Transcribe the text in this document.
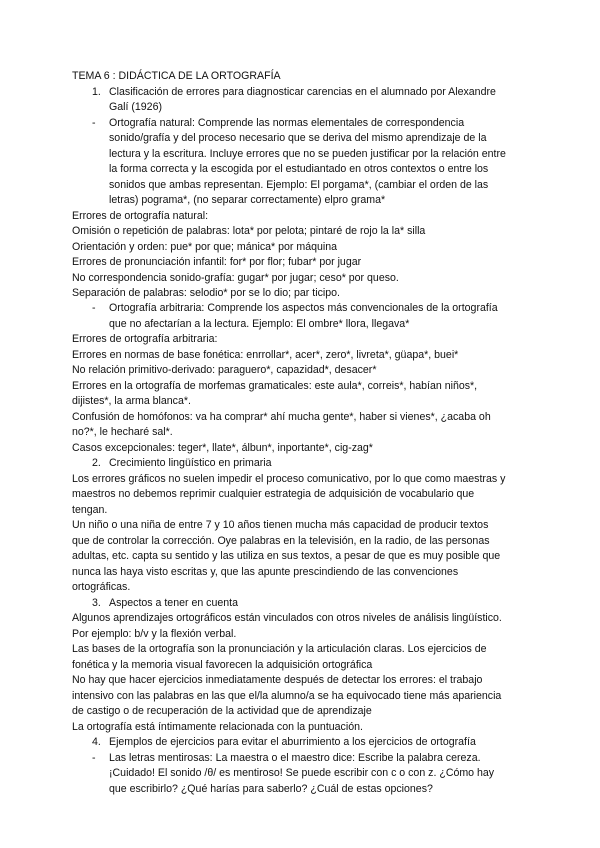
TEMA 6 : DIDÁCTICA DE LA ORTOGRAFÍA
1. Clasificación de errores para diagnosticar carencias en el alumnado por Alexandre
Galí (1926)
- Ortografía natural: Comprende las normas elementales de correspondencia
sonido/grafía y del proceso necesario que se deriva del mismo aprendizaje de la
lectura y la escritura. Incluye errores que no se pueden justificar por la relación entre
la forma correcta y la escogida por el estudiantado en otros contextos o entre los
sonidos que ambas representan. Ejemplo: El porgama*, (cambiar el orden de las
letras) pograma*, (no separar correctamente) elpro grama*
Errores de ortografía natural:
Omisión o repetición de palabras: lota* por pelota; pintaré de rojo la la* silla
Orientación y orden: pue* por que; mánica* por máquina
Errores de pronunciación infantil: for* por flor; fubar* por jugar
No correspondencia sonido-grafía: gugar* por jugar; ceso* por queso.
Separación de palabras: selodio* por se lo dio; par ticipo.
- Ortografía arbitraria: Comprende los aspectos más convencionales de la ortografía
que no afectarían a la lectura. Ejemplo: El ombre* llora, llegava*
Errores de ortografía arbitraria:
Errores en normas de base fonética: enrrollar*, acer*, zero*, livreta*, güapa*, buei*
No relación primitivo-derivado: paraguero*, capazidad*, desacer*
Errores en la ortografía de morfemas gramaticales: este aula*, correis*, habían niños*,
dijistes*, la arma blanca*.
Confusión de homófonos: va ha comprar* ahí mucha gente*, haber si vienes*, ¿acaba oh
no?*, le hecharé sal*.
Casos excepcionales: teger*, llate*, álbun*, inportante*, cig-zag*
2. Crecimiento lingüístico en primaria
Los errores gráficos no suelen impedir el proceso comunicativo, por lo que como maestras y
maestros no debemos reprimir cualquier estrategia de adquisición de vocabulario que
tengan.
Un niño o una niña de entre 7 y 10 años tienen mucha más capacidad de producir textos
que de controlar la corrección. Oye palabras en la televisión, en la radio, de las personas
adultas, etc. capta su sentido y las utiliza en sus textos, a pesar de que es muy posible que
nunca las haya visto escritas y, que las apunte prescindiendo de las convenciones
ortográficas.
3. Aspectos a tener en cuenta
Algunos aprendizajes ortográficos están vinculados con otros niveles de análisis lingüístico.
Por ejemplo: b/v y la flexión verbal.
Las bases de la ortografía son la pronunciación y la articulación claras. Los ejercicios de
fonética y la memoria visual favorecen la adquisición ortográfica
No hay que hacer ejercicios inmediatamente después de detectar los errores: el trabajo
intensivo con las palabras en las que el/la alumno/a se ha equivocado tiene más apariencia
de castigo o de recuperación de la actividad que de aprendizaje
La ortografía está íntimamente relacionada con la puntuación.
4. Ejemplos de ejercicios para evitar el aburrimiento a los ejercicios de ortografía
- Las letras mentirosas: La maestra o el maestro dice: Escribe la palabra cereza.
¡Cuidado! El sonido /θ/ es mentiroso! Se puede escribir con c o con z. ¿Cómo hay
que escribirlo? ¿Qué harías para saberlo? ¿Cuál de estas opciones?
